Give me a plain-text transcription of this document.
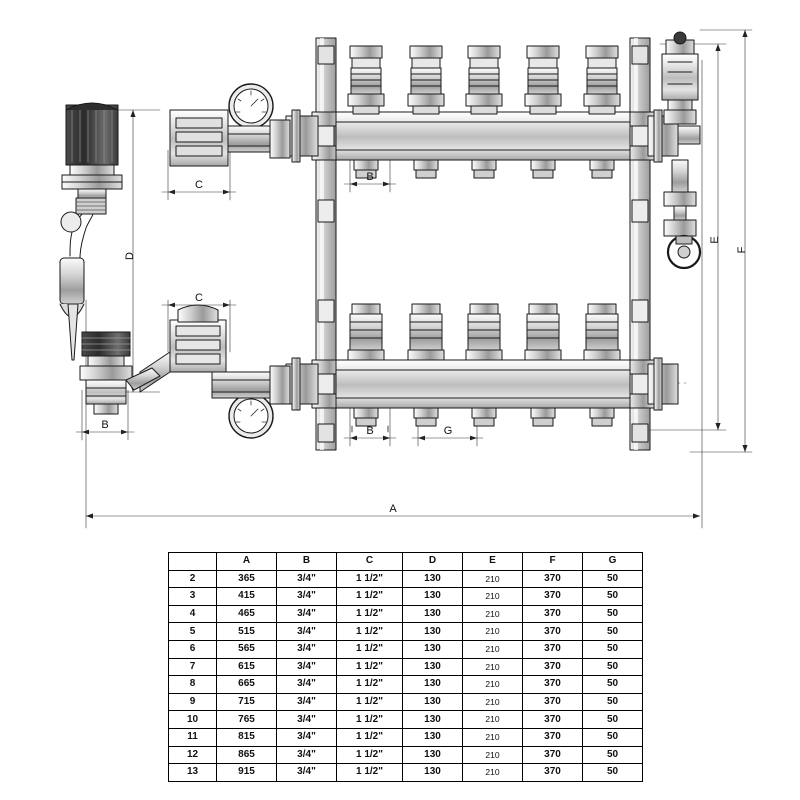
A
B
B	B
C
C
D
E
F
G
	A	B	C	D	E	F	G
2	365	3/4"	1 1/2"	130	210	370	50
3	415	3/4"	1 1/2"	130	210	370	50
4	465	3/4"	1 1/2"	130	210	370	50
5	515	3/4"	1 1/2"	130	210	370	50
6	565	3/4"	1 1/2"	130	210	370	50
7	615	3/4"	1 1/2"	130	210	370	50
8	665	3/4"	1 1/2"	130	210	370	50
9	715	3/4"	1 1/2"	130	210	370	50
10	765	3/4"	1 1/2"	130	210	370	50
11	815	3/4"	1 1/2"	130	210	370	50
12	865	3/4"	1 1/2"	130	210	370	50
13	915	3/4"	1 1/2"	130	210	370	50
